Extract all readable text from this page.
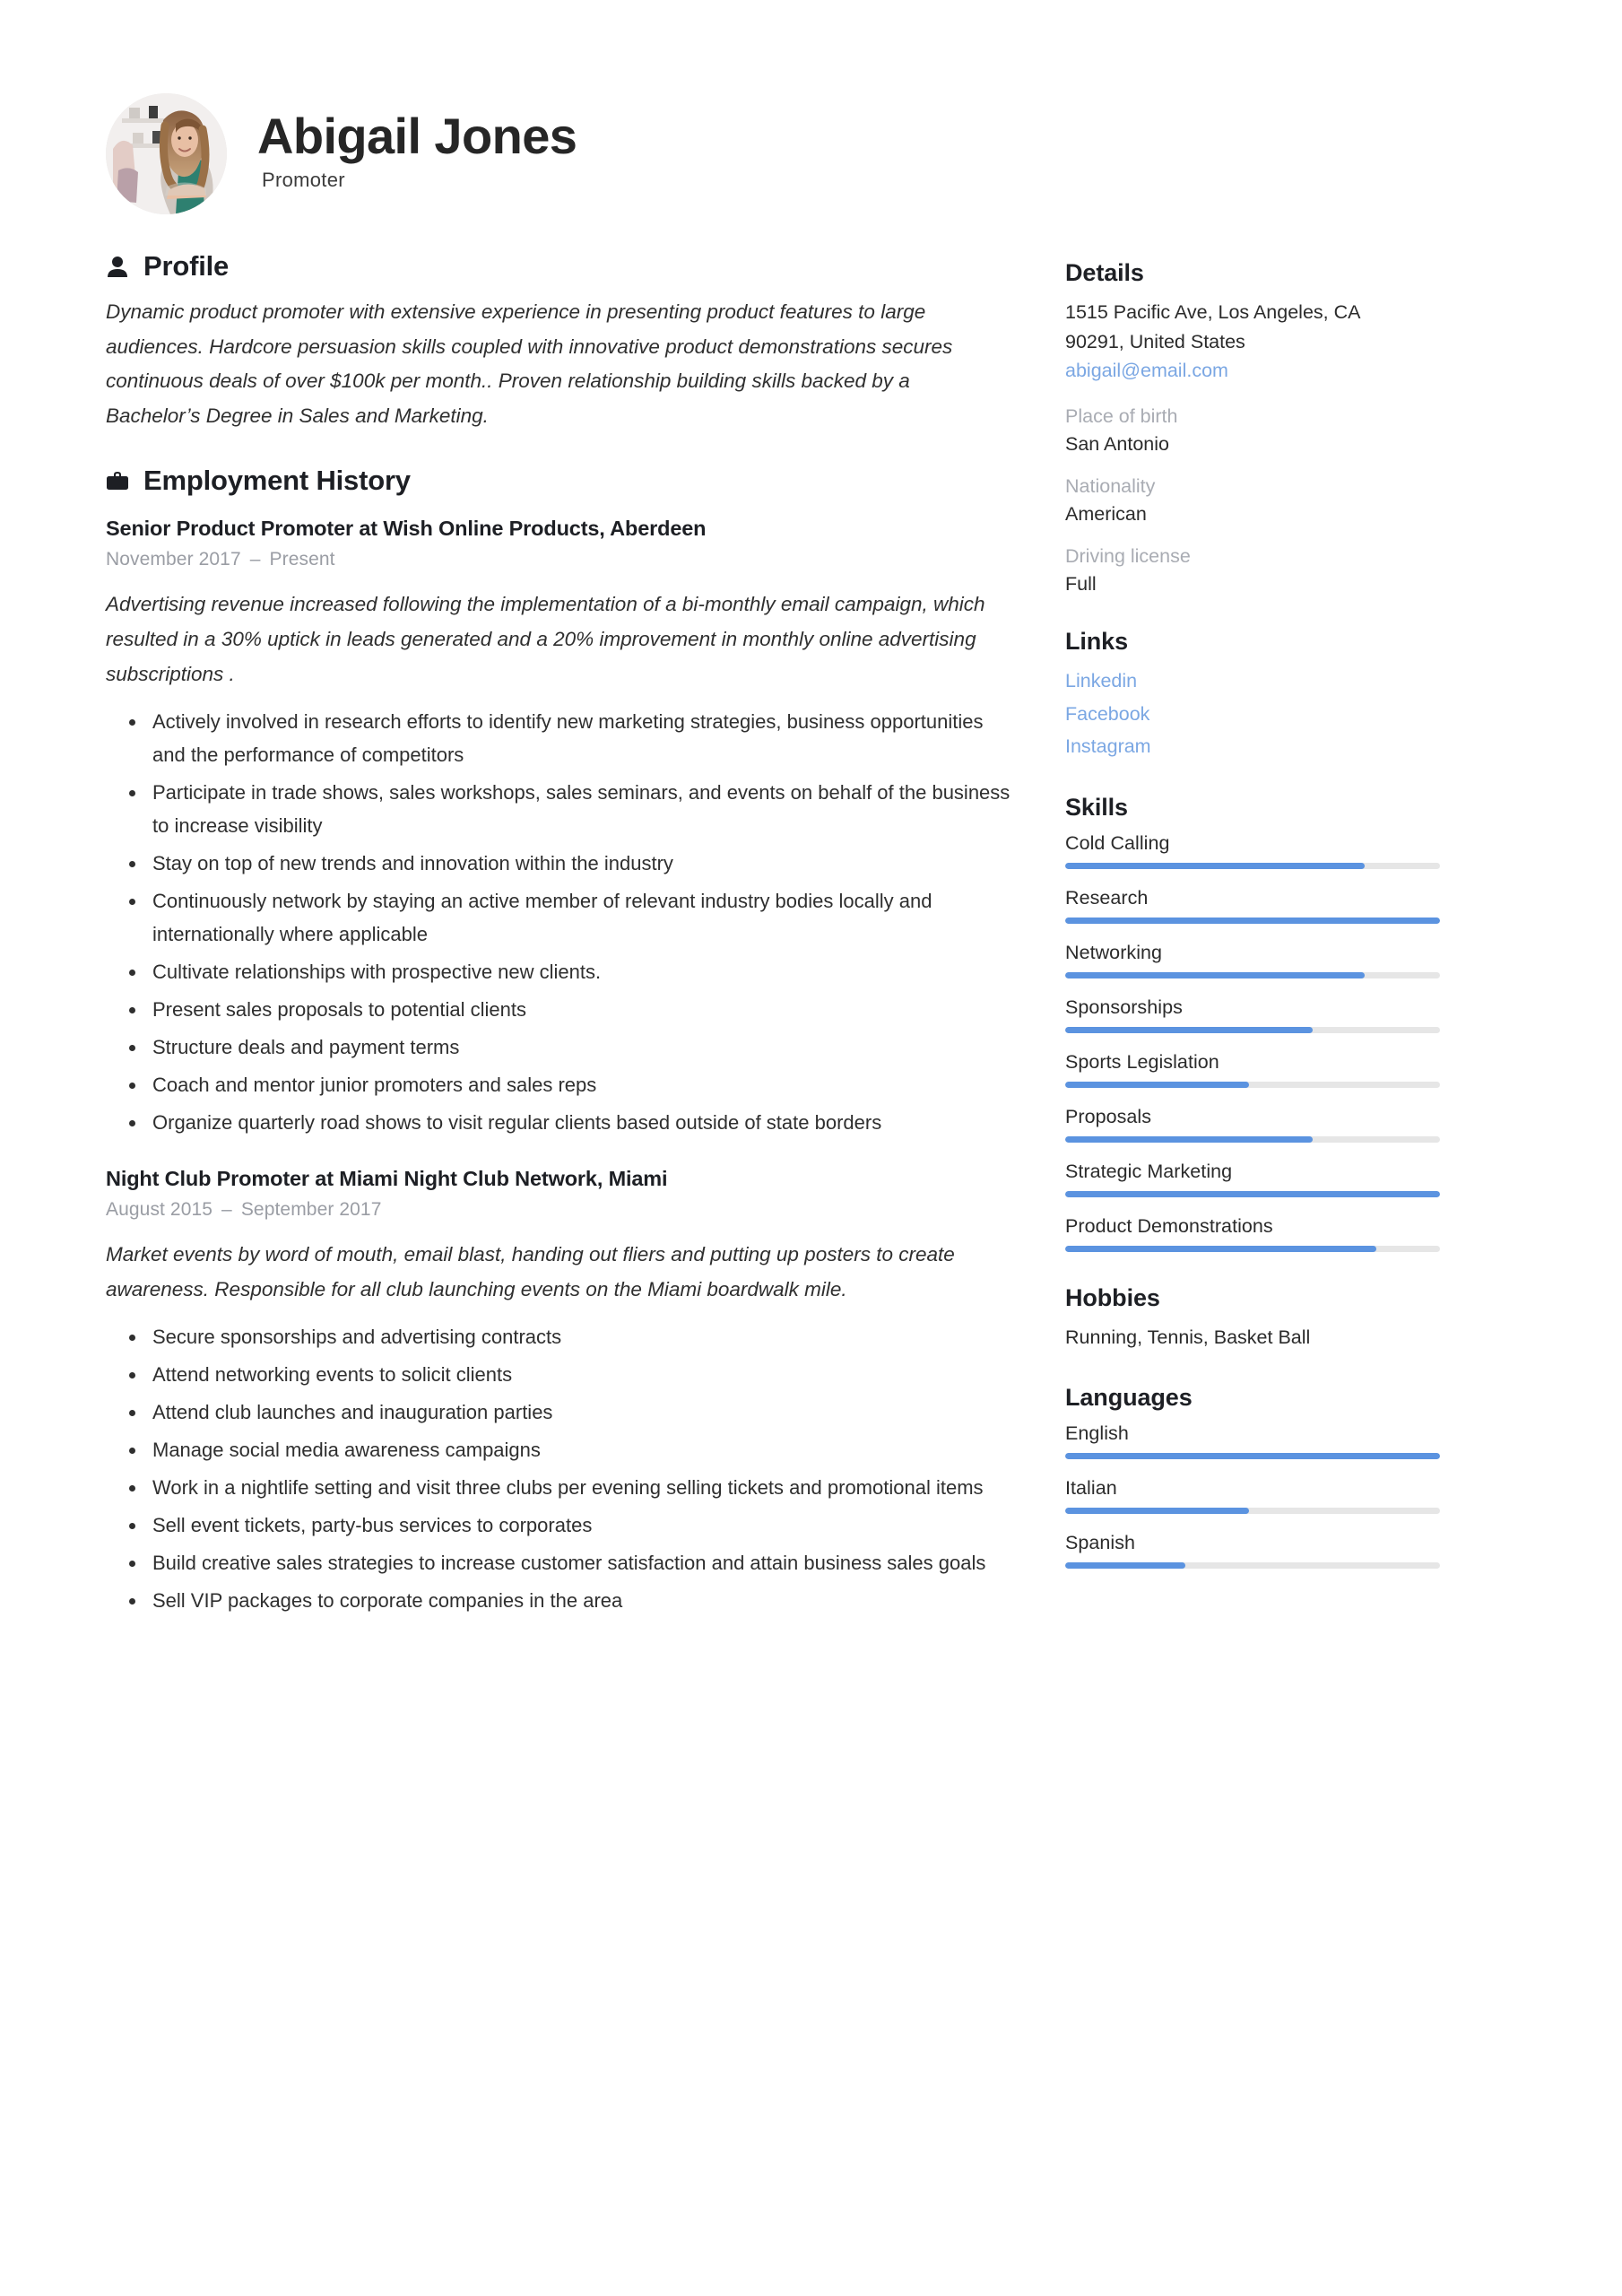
Abigail Jones
Promoter
Profile
Dynamic product promoter with extensive experience in presenting product features to large audiences. Hardcore persuasion skills coupled with innovative product demonstrations secures continuous deals of over $100k per month.. Proven relationship building skills backed by a Bachelor’s Degree in Sales and Marketing.
Employment History
Senior Product Promoter at Wish Online Products, Aberdeen
November 2017 – Present
Advertising revenue increased following the implementation of a bi-monthly email campaign, which resulted in a 30% uptick in leads generated and a 20% improvement in monthly online advertising subscriptions .
Actively involved in research efforts to identify new marketing strategies, business opportunities and the performance of competitors
Participate in trade shows, sales workshops, sales seminars, and events on behalf of the business to increase visibility
Stay on top of new trends and innovation within the industry
Continuously network by staying an active member of relevant industry bodies locally and internationally where applicable
Cultivate relationships with prospective new clients.
Present sales proposals to potential clients
Structure deals and payment terms
Coach and mentor junior promoters and sales reps
Organize quarterly road shows to visit regular clients based outside of state borders
Night Club Promoter at Miami Night Club Network, Miami
August 2015 – September 2017
Market events by word of mouth, email blast, handing out fliers and putting up posters to create awareness. Responsible for all club launching events on the Miami boardwalk mile.
Secure sponsorships and advertising contracts
Attend networking events to solicit clients
Attend club launches and inauguration parties
Manage social media awareness campaigns
Work in a nightlife setting and visit three clubs per evening selling tickets and promotional items
Sell event tickets, party-bus services to corporates
Build creative sales strategies to increase customer satisfaction and attain business sales goals
Sell VIP packages to corporate companies in the area
Details
1515 Pacific Ave, Los Angeles, CA
90291, United States
abigail@email.com
Place of birth
San Antonio
Nationality
American
Driving license
Full
Links
Linkedin
Facebook
Instagram
Skills
Cold Calling
Research
Networking
Sponsorships
Sports Legislation
Proposals
Strategic Marketing
Product Demonstrations
Hobbies
Running, Tennis, Basket Ball
Languages
English
Italian
Spanish
